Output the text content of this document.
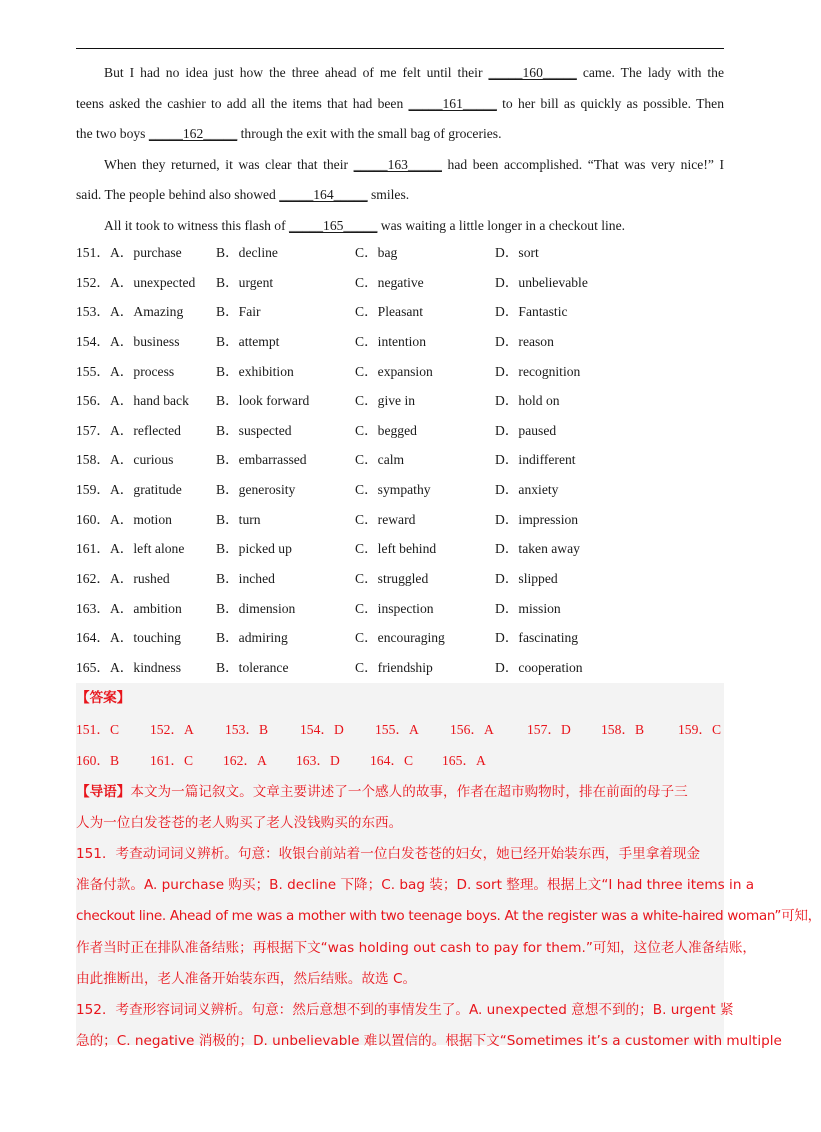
But I had no idea just how the three ahead of me felt until their _____160_____ came. The lady with the
teens asked the cashier to add all the items that had been _____161_____ to her bill as quickly as possible. Then
the two boys _____162_____ through the exit with the small bag of groceries.
When they returned, it was clear that their _____163_____ had been accomplished. “That was very nice!” I
said. The people behind also showed _____164_____ smiles.
All it took to witness this flash of _____165_____ was waiting a little longer in a checkout line.
151．A．purchase	B．decline	C．bag	D．sort
152．A．unexpected B．urgent	C．negative	D．unbelievable
153．A．Amazing B．Fair	C．Pleasant	D．Fantastic
154．A．business	B．attempt	C．intention	D．reason
155．A．process	B．exhibition	C．expansion	D．recognition
156．A．hand back B．look forward	C．give in	D．hold on
157．A．reflected	B．suspected	C．begged	D．paused
158．A．curious	B．embarrassed	C．calm	D．indifferent
159．A．gratitude	B．generosity	C．sympathy	D．anxiety
160．A．motion	B．turn	C．reward	D．impression
161．A．left alone B．picked up	C．left behind	D．taken away
162．A．rushed	B．inched	C．struggled	D．slipped
163．A．ambition	B．dimension	C．inspection	D．mission
164．A．touching	B．admiring	C．encouraging	D．fascinating
165．A．kindness	B．tolerance	C．friendship	D．cooperation
【答案】
151．C 152．A 153．B 154．D 155．A 156．A 157．D 158．B 159．C
160．B 161．C 162．A 163．D 164．C 165．A
【导语】本文为一篇记叙文。文章主要讲述了一个感人的故事，作者在超市购物时，排在前面的母子三
人为一位白发苍苍的老人购买了老人没钱购买的东西。
151．考查动词词义辨析。句意：收银台前站着一位白发苍苍的妇女，她已经开始装东西，手里拿着现金
准备付款。A. purchase 购买；B. decline 下降；C. bag 装；D. sort 整理。根据上文“I had three items in a
checkout line. Ahead of me was a mother with two teenage boys. At the register was a white-haired woman”可知，
作者当时正在排队准备结账；再根据下文“was holding out cash to pay for them.”可知，这位老人准备结账，
由此推断出，老人准备开始装东西，然后结账。故选 C。
152．考查形容词词义辨析。句意：然后意想不到的事情发生了。A. unexpected 意想不到的；B. urgent 紧
急的；C. negative 消极的；D. unbelievable 难以置信的。根据下文“Sometimes it’s a customer with multiple
